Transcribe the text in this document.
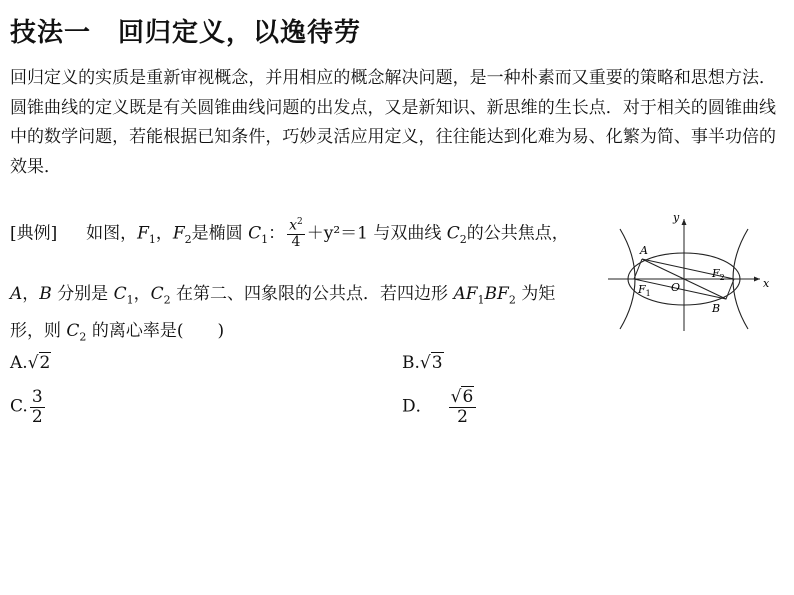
技法一　回归定义，以逸待劳

回归定义的实质是重新审视概念，并用相应的概念解决问题，是一种朴素而又重要的策略和思想方法．圆锥曲线的定义既是有关圆锥曲线问题的出发点，又是新知识、新思维的生长点．对于相关的圆锥曲线中的数学问题，若能根据已知条件，巧妙灵活应用定义，往往能达到化难为易、化繁为简、事半功倍的效果．

[典例] 如图，$F_1$，$F_2$是椭圆 $C_1$： $\frac{x^2}{4} +y^2=1$ 与双曲线 $C_2$的公共焦点，
A，B 分别是 $C_1$，$C_2$ 在第二、四象限的公共点．若四边形 $AF_1BF_2$ 为矩
形，则 $C_2$ 的离心率是(　　)
A.√2	B.√3
C. $\frac{3}{2}$	D． $\frac{√6}{2}$
x
y
A
B
$F_1$
$F_2$
O
